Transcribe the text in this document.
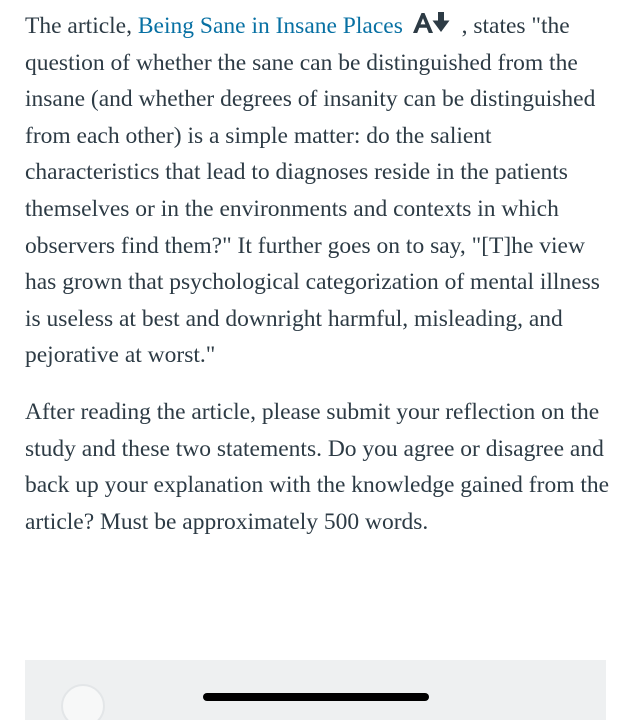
The article, Being Sane in Insane Places
, states "the question of whether the sane can be distinguished from the insane (and whether degrees of insanity can be distinguished from each other) is a simple matter: do the salient characteristics that lead to diagnoses reside in the patients themselves or in the environments and contexts in which observers find them?" It further goes on to say, "[T]he view has grown that psychological categorization of mental illness is useless at best and downright harmful, misleading, and pejorative at worst."

After reading the article, please submit your reflection on the study and these two statements. Do you agree or disagree and back up your explanation with the knowledge gained from the article? Must be approximately 500 words.
